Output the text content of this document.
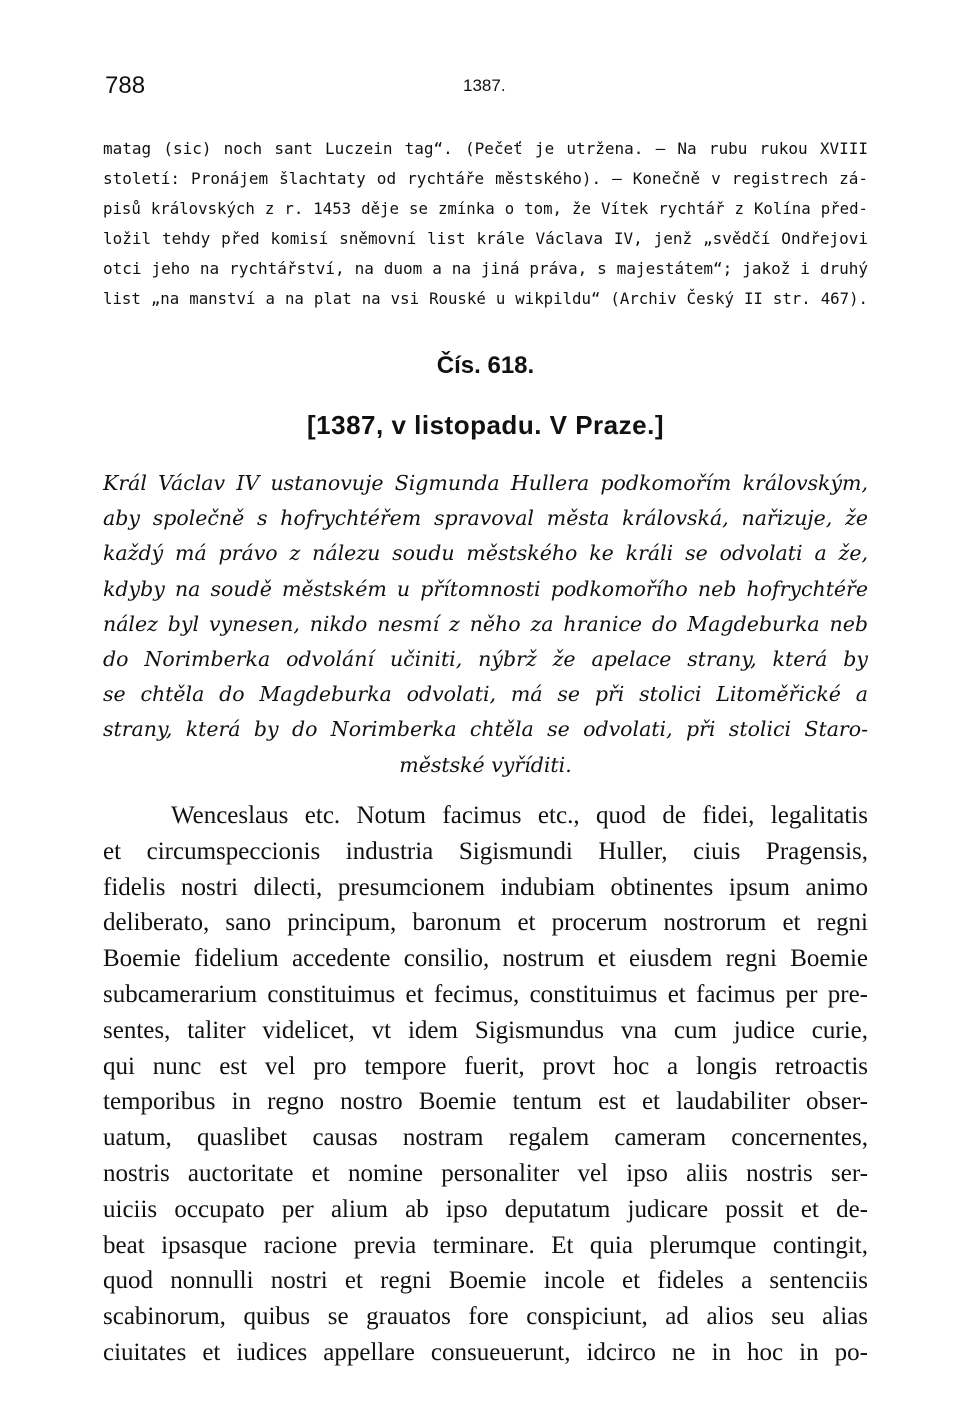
788	1387.

matag (sic) noch sant Luczein tag“. (Pečeť je utržena. — Na rubu rukou XVIII
století: Pronájem šlachtaty od rychtáře městského). — Konečně v registrech zá-
pisů královských z r. 1453 děje se zmínka o tom, že Vítek rychtář z Kolína před-
ložil tehdy před komisí sněmovní list krále Václava IV, jenž „svědčí Ondřejovi
otci jeho na rychtářství, na duom a na jiná práva, s majestátem“; jakož i druhý
list „na manství a na plat na vsi Rouské u wikpildu“ (Archiv Český II str. 467).

Čís. 618.
[1387, v listopadu. V Praze.]

Král Václav IV ustanovuje Sigmunda Hullera podkomořím královským,
aby společně s hofrychtéřem spravoval města královská, nařizuje, že
každý má právo z nálezu soudu městského ke králi se odvolati a že,
kdyby na soudě městském u přítomnosti podkomořího neb hofrychtéře
nález byl vynesen, nikdo nesmí z něho za hranice do Magdeburka neb
do Norimberka odvolání učiniti, nýbrž že apelace strany, která by
se chtěla do Magdeburka odvolati, má se při stolici Litoměřické a
strany, která by do Norimberka chtěla se odvolati, při stolici Staro-
městské vyříditi.

Wenceslaus etc. Notum facimus etc., quod de fidei, legalitatis
et circumspeccionis industria Sigismundi Huller, ciuis Pragensis,
fidelis nostri dilecti, presumcionem indubiam obtinentes ipsum animo
deliberato, sano principum, baronum et procerum nostrorum et regni
Boemie fidelium accedente consilio, nostrum et eiusdem regni Boemie
subcamerarium constituimus et fecimus, constituimus et facimus per pre-
sentes, taliter videlicet, vt idem Sigismundus vna cum judice curie,
qui nunc est vel pro tempore fuerit, provt hoc a longis retroactis
temporibus in regno nostro Boemie tentum est et laudabiliter obser-
uatum, quaslibet causas nostram regalem cameram concernentes,
nostris auctoritate et nomine personaliter vel ipso aliis nostris ser-
uiciis occupato per alium ab ipso deputatum judicare possit et de-
beat ipsasque racione previa terminare. Et quia plerumque contingit,
quod nonnulli nostri et regni Boemie incole et fideles a sentenciis
scabinorum, quibus se grauatos fore conspiciunt, ad alios seu alias
ciuitates et iudices appellare consueuerunt, idcirco ne in hoc in po-
